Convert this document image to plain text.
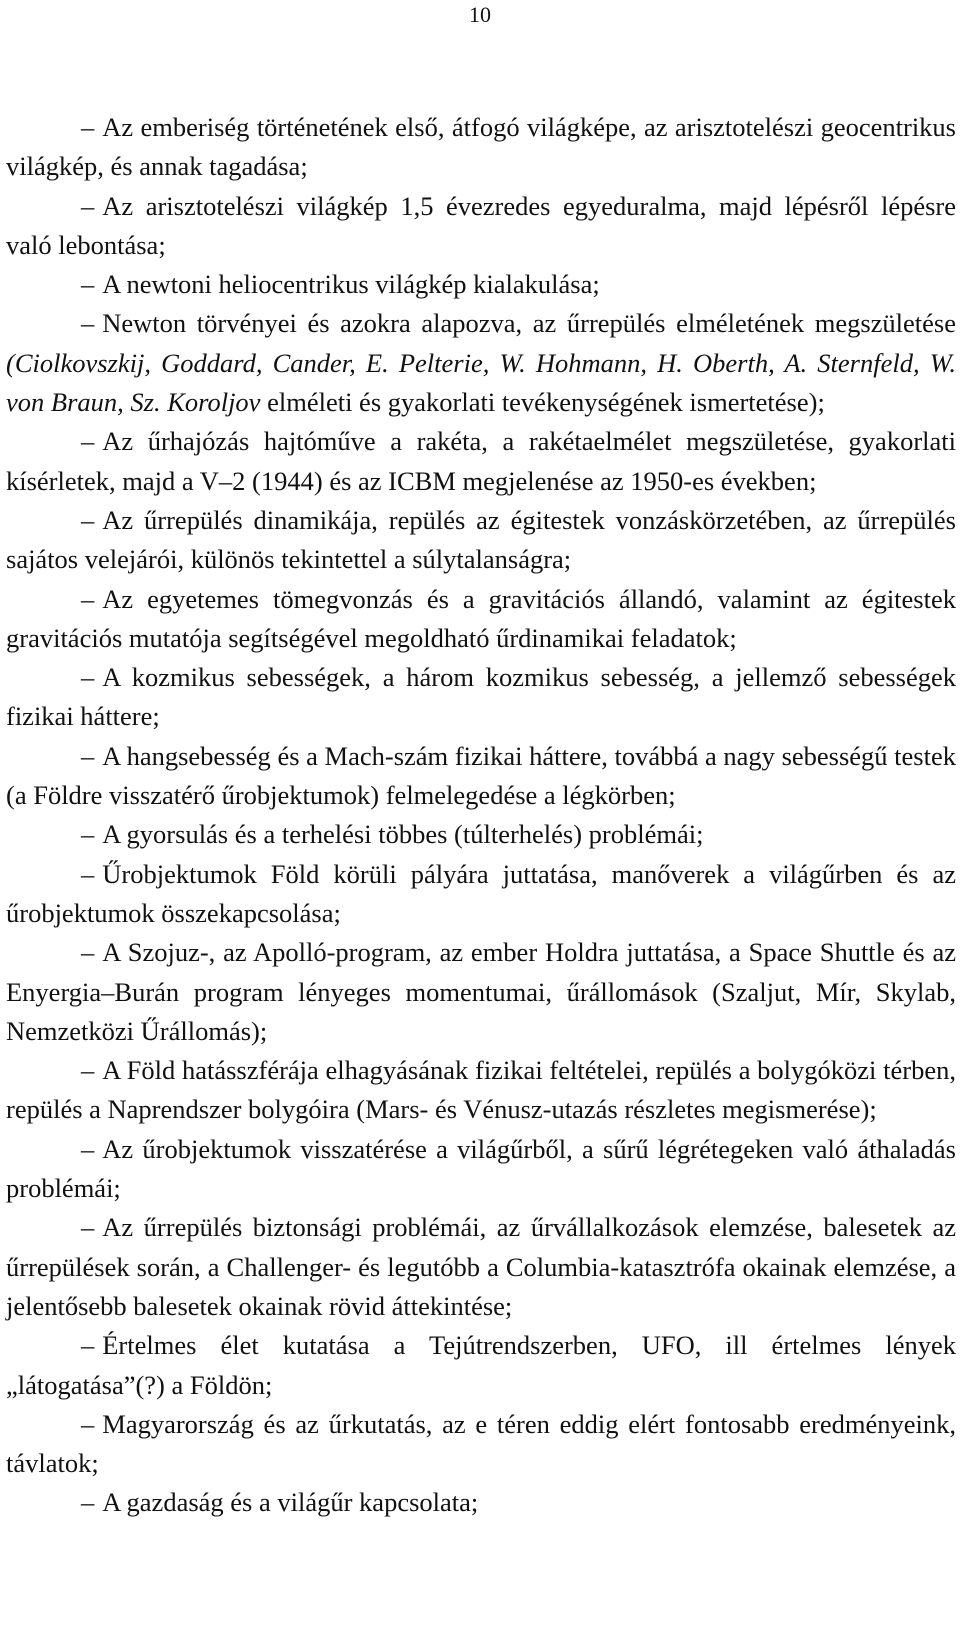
10

– Az emberiség történetének első, átfogó világképe, az arisztotelészi geocentrikus világkép, és annak tagadása;

– Az arisztotelészi világkép 1,5 évezredes egyeduralma, majd lépésről lépésre való lebontása;

– A newtoni heliocentrikus világkép kialakulása;

– Newton törvényei és azokra alapozva, az űrrepülés elméletének megszületése (Ciolkovszkij, Goddard, Cander, E. Pelterie, W. Hohmann, H. Oberth, A. Sternfeld, W. von Braun, Sz. Koroljov elméleti és gyakorlati tevékenységének ismertetése);

– Az űrhajózás hajtóműve a rakéta, a rakétaelmélet megszületése, gyakorlati kísérletek, majd a V–2 (1944) és az ICBM megjelenése az 1950-es években;

– Az űrrepülés dinamikája, repülés az égitestek vonzáskörzetében, az űrrepülés sajátos velejárói, különös tekintettel a súlytalanságra;

– Az egyetemes tömegvonzás és a gravitációs állandó, valamint az égitestek gravitációs mutatója segítségével megoldható űrdinamikai feladatok;

– A kozmikus sebességek, a három kozmikus sebesség, a jellemző sebességek fizikai háttere;

– A hangsebesség és a Mach-szám fizikai háttere, továbbá a nagy sebességű testek (a Földre visszatérő űrobjektumok) felmelegedése a légkörben;

– A gyorsulás és a terhelési többes (túlterhelés) problémái;

– Űrobjektumok Föld körüli pályára juttatása, manőverek a világűrben és az űrobjektumok összekapcsolása;

– A Szojuz-, az Apolló-program, az ember Holdra juttatása, a Space Shuttle és az Enyergia–Burán program lényeges momentumai, űrállomások (Szaljut, Mír, Skylab, Nemzetközi Űrállomás);

– A Föld hatásszférája elhagyásának fizikai feltételei, repülés a bolygóközi térben, repülés a Naprendszer bolygóira (Mars- és Vénusz-utazás részletes megismerése);

– Az űrobjektumok visszatérése a világűrből, a sűrű légrétegeken való áthaladás problémái;

– Az űrrepülés biztonsági problémái, az űrvállalkozások elemzése, balesetek az űrrepülések során, a Challenger- és legutóbb a Columbia-katasztrófa okainak elemzése, a jelentősebb balesetek okainak rövid áttekintése;

– Értelmes élet kutatása a Tejútrendszerben, UFO, ill értelmes lények „látogatása”(?) a Földön;

– Magyarország és az űrkutatás, az e téren eddig elért fontosabb eredményeink, távlatok;

– A gazdaság és a világűr kapcsolata;
